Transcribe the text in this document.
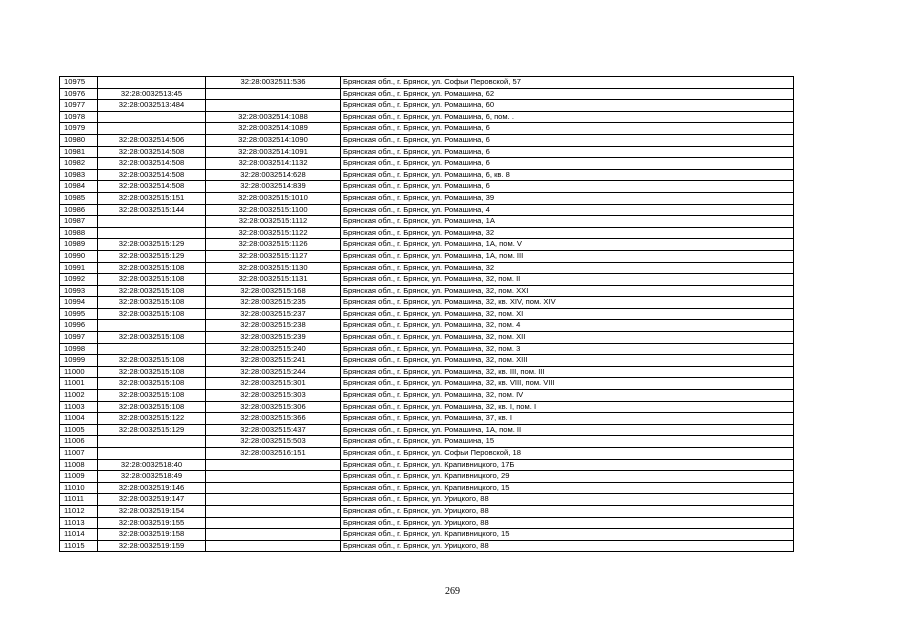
10975		32:28:0032511:536	Брянская обл., г. Брянск, ул. Софьи Перовской, 57
10976	32:28:0032513:45		Брянская обл., г. Брянск, ул. Ромашина, 62
10977	32:28:0032513:484		Брянская обл., г. Брянск, ул. Ромашина, 60
10978		32:28:0032514:1088	Брянская обл., г. Брянск, ул. Ромашина, 6, пом. .
10979		32:28:0032514:1089	Брянская обл., г. Брянск, ул. Ромашина, 6
10980	32:28:0032514:506	32:28:0032514:1090	Брянская обл., г. Брянск, ул. Ромашина, 6
10981	32:28:0032514:508	32:28:0032514:1091	Брянская обл., г. Брянск, ул. Ромашина, 6
10982	32:28:0032514:508	32:28:0032514:1132	Брянская обл., г. Брянск, ул. Ромашина, 6
10983	32:28:0032514:508	32:28:0032514:628	Брянская обл., г. Брянск, ул. Ромашина, 6, кв. 8
10984	32:28:0032514:508	32:28:0032514:839	Брянская обл., г. Брянск, ул. Ромашина, 6
10985	32:28:0032515:151	32:28:0032515:1010	Брянская обл., г. Брянск, ул. Ромашина, 39
10986	32:28:0032515:144	32:28:0032515:1100	Брянская обл., г. Брянск, ул. Ромашина, 4
10987		32:28:0032515:1112	Брянская обл., г. Брянск, ул. Ромашина, 1А
10988		32:28:0032515:1122	Брянская обл., г. Брянск, ул. Ромашина, 32
10989	32:28:0032515:129	32:28:0032515:1126	Брянская обл., г. Брянск, ул. Ромашина, 1А, пом. V
10990	32:28:0032515:129	32:28:0032515:1127	Брянская обл., г. Брянск, ул. Ромашина, 1А, пом. III
10991	32:28:0032515:108	32:28:0032515:1130	Брянская обл., г. Брянск, ул. Ромашина, 32
10992	32:28:0032515:108	32:28:0032515:1131	Брянская обл., г. Брянск, ул. Ромашина, 32, пом. II
10993	32:28:0032515:108	32:28:0032515:168	Брянская обл., г. Брянск, ул. Ромашина, 32, пом. XXI
10994	32:28:0032515:108	32:28:0032515:235	Брянская обл., г. Брянск, ул. Ромашина, 32, кв. XIV, пом. XIV
10995	32:28:0032515:108	32:28:0032515:237	Брянская обл., г. Брянск, ул. Ромашина, 32, пом. XI
10996		32:28:0032515:238	Брянская обл., г. Брянск, ул. Ромашина, 32, пом. 4
10997	32:28:0032515:108	32:28:0032515:239	Брянская обл., г. Брянск, ул. Ромашина, 32, пом. XII
10998		32:28:0032515:240	Брянская обл., г. Брянск, ул. Ромашина, 32, пом. 3
10999	32:28:0032515:108	32:28:0032515:241	Брянская обл., г. Брянск, ул. Ромашина, 32, пом. XIII
11000	32:28:0032515:108	32:28:0032515:244	Брянская обл., г. Брянск, ул. Ромашина, 32, кв. III, пом. III
11001	32:28:0032515:108	32:28:0032515:301	Брянская обл., г. Брянск, ул. Ромашина, 32, кв. VIII, пом. VIII
11002	32:28:0032515:108	32:28:0032515:303	Брянская обл., г. Брянск, ул. Ромашина, 32, пом. IV
11003	32:28:0032515:108	32:28:0032515:306	Брянская обл., г. Брянск, ул. Ромашина, 32, кв. I, пом. I
11004	32:28:0032515:122	32:28:0032515:366	Брянская обл., г. Брянск, ул. Ромашина, 37, кв. I
11005	32:28:0032515:129	32:28:0032515:437	Брянская обл., г. Брянск, ул. Ромашина, 1А, пом. II
11006		32:28:0032515:503	Брянская обл., г. Брянск, ул. Ромашина, 15
11007		32:28:0032516:151	Брянская обл., г. Брянск, ул. Софьи Перовской, 18
11008	32:28:0032518:40		Брянская обл., г. Брянск, ул. Крапивницкого, 17Б
11009	32:28:0032518:49		Брянская обл., г. Брянск, ул. Крапивницкого, 29
11010	32:28:0032519:146		Брянская обл., г. Брянск, ул. Крапивницкого, 15
11011	32:28:0032519:147		Брянская обл., г. Брянск, ул. Урицкого, 88
11012	32:28:0032519:154		Брянская обл., г. Брянск, ул. Урицкого, 88
11013	32:28:0032519:155		Брянская обл., г. Брянск, ул. Урицкого, 88
11014	32:28:0032519:158		Брянская обл., г. Брянск, ул. Крапивницкого, 15
11015	32:28:0032519:159		Брянская обл., г. Брянск, ул. Урицкого, 88
269
